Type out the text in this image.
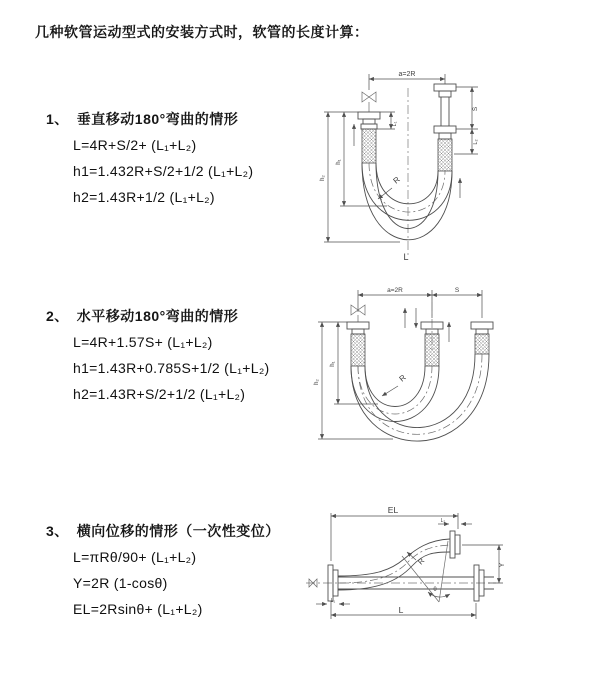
几种软管运动型式的安装方式时，软管的长度计算：
1、 垂直移动180°弯曲的情形
L=4R+S/2+ (L₁+L₂)
h1=1.432R+S/2+1/2 (L₁+L₂)
h2=1.43R+1/2 (L₁+L₂)
2、 水平移动180°弯曲的情形
L=4R+1.57S+ (L₁+L₂)
h1=1.43R+0.785S+1/2 (L₁+L₂)
h2=1.43R+S/2+1/2 (L₁+L₂)
3、 横向位移的情形（一次性变位）
L=πRθ/90+ (L₁+L₂)
Y=2R (1-cosθ)
EL=2Rsinθ+ (L₁+L₂)
a=2R
R
L₁
h₁
h₂
S
L₂
L
a=2R	S
R
h₁
h₂
EL
L₂
Y
L
L₁
R
θ
